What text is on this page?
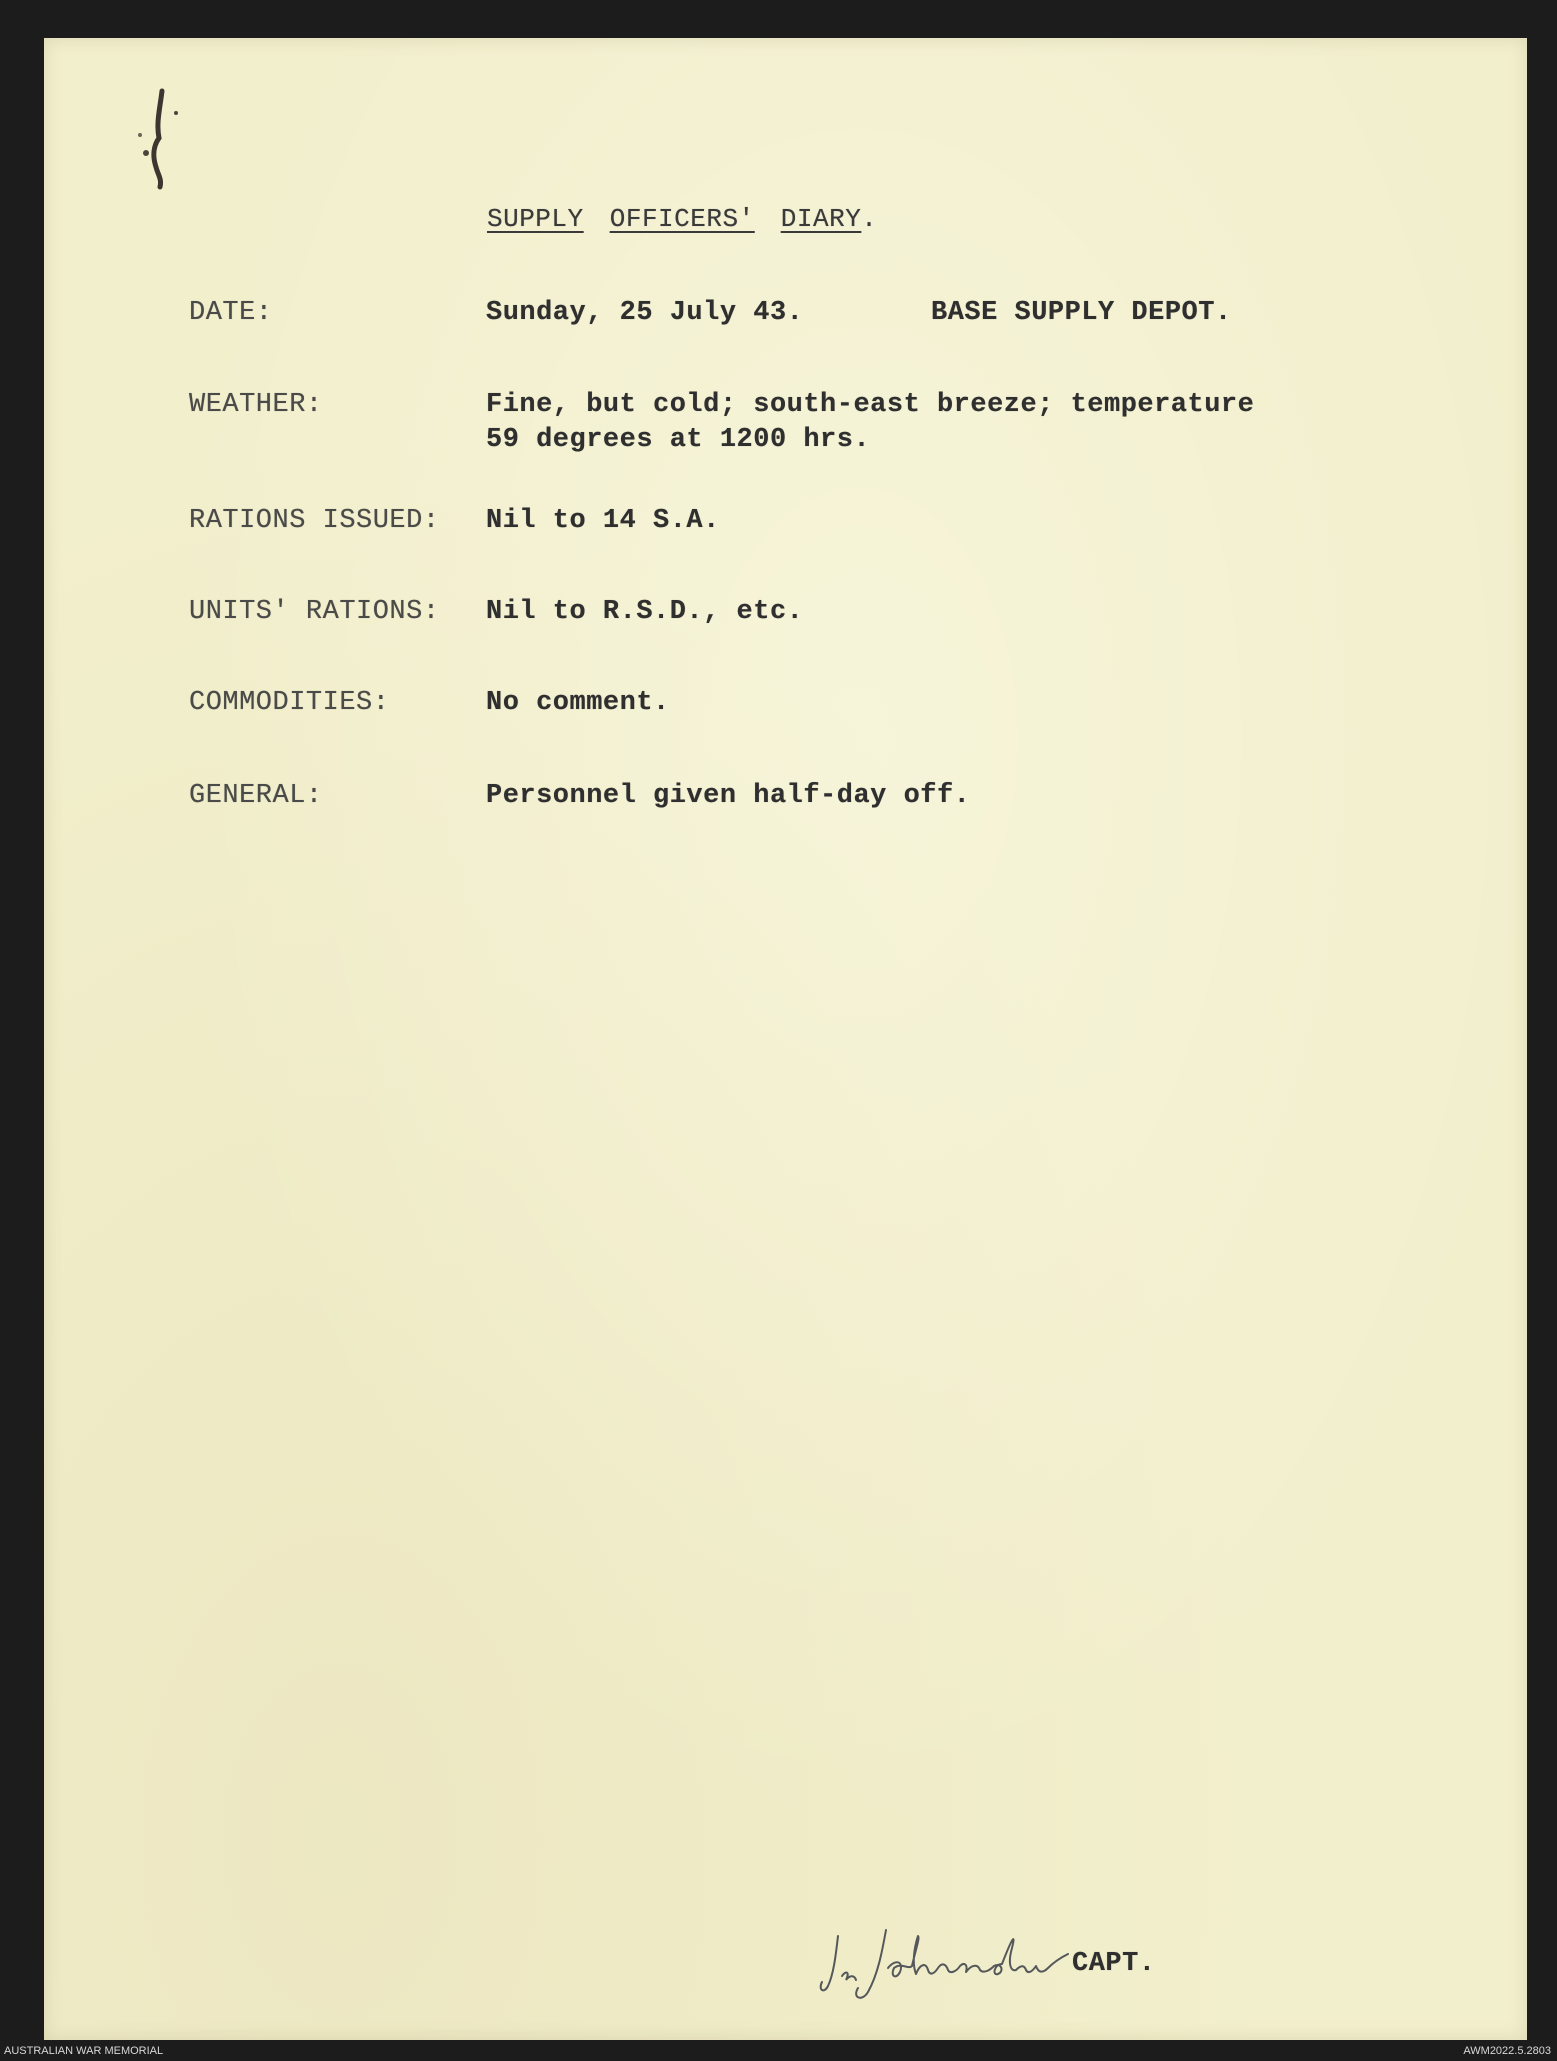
SUPPLY OFFICERS' DIARY.
DATE:	Sunday, 25 July 43.	BASE SUPPLY DEPOT.
WEATHER:	Fine, but cold; south-east breeze; temperature
59 degrees at 1200 hrs.
RATIONS ISSUED: Nil to 14 S.A.
UNITS' RATIONS: Nil to R.S.D., etc.
COMMODITIES:	No comment.
GENERAL:	Personnel given half-day off.
CAPT.
AUSTRALIAN WAR MEMORIAL	AWM2022.5.2803
